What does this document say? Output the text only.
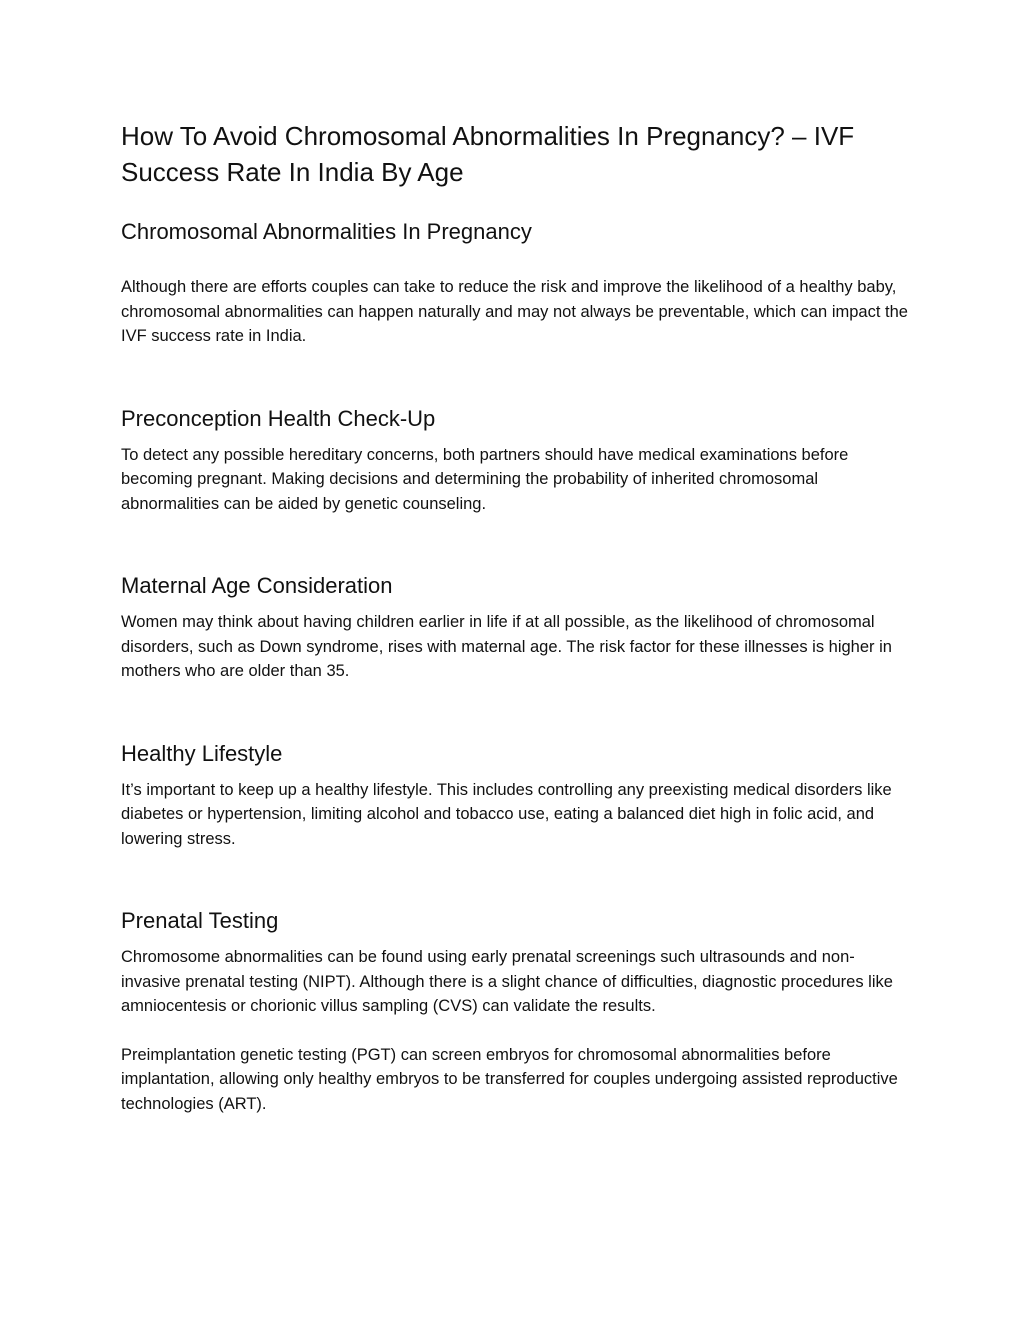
How To Avoid Chromosomal Abnormalities In Pregnancy? – IVF Success Rate In India By Age
Chromosomal Abnormalities In Pregnancy

Although there are efforts couples can take to reduce the risk and improve the likelihood of a healthy baby, chromosomal abnormalities can happen naturally and may not always be preventable, which can impact the IVF success rate in India.

Preconception Health Check-Up

To detect any possible hereditary concerns, both partners should have medical examinations before becoming pregnant. Making decisions and determining the probability of inherited chromosomal abnormalities can be aided by genetic counseling.

Maternal Age Consideration

Women may think about having children earlier in life if at all possible, as the likelihood of chromosomal disorders, such as Down syndrome, rises with maternal age. The risk factor for these illnesses is higher in mothers who are older than 35.

Healthy Lifestyle

It’s important to keep up a healthy lifestyle. This includes controlling any preexisting medical disorders like diabetes or hypertension, limiting alcohol and tobacco use, eating a balanced diet high in folic acid, and lowering stress.

Prenatal Testing

Chromosome abnormalities can be found using early prenatal screenings such ultrasounds and non-invasive prenatal testing (NIPT). Although there is a slight chance of difficulties, diagnostic procedures like amniocentesis or chorionic villus sampling (CVS) can validate the results.

Preimplantation genetic testing (PGT) can screen embryos for chromosomal abnormalities before implantation, allowing only healthy embryos to be transferred for couples undergoing assisted reproductive technologies (ART).
